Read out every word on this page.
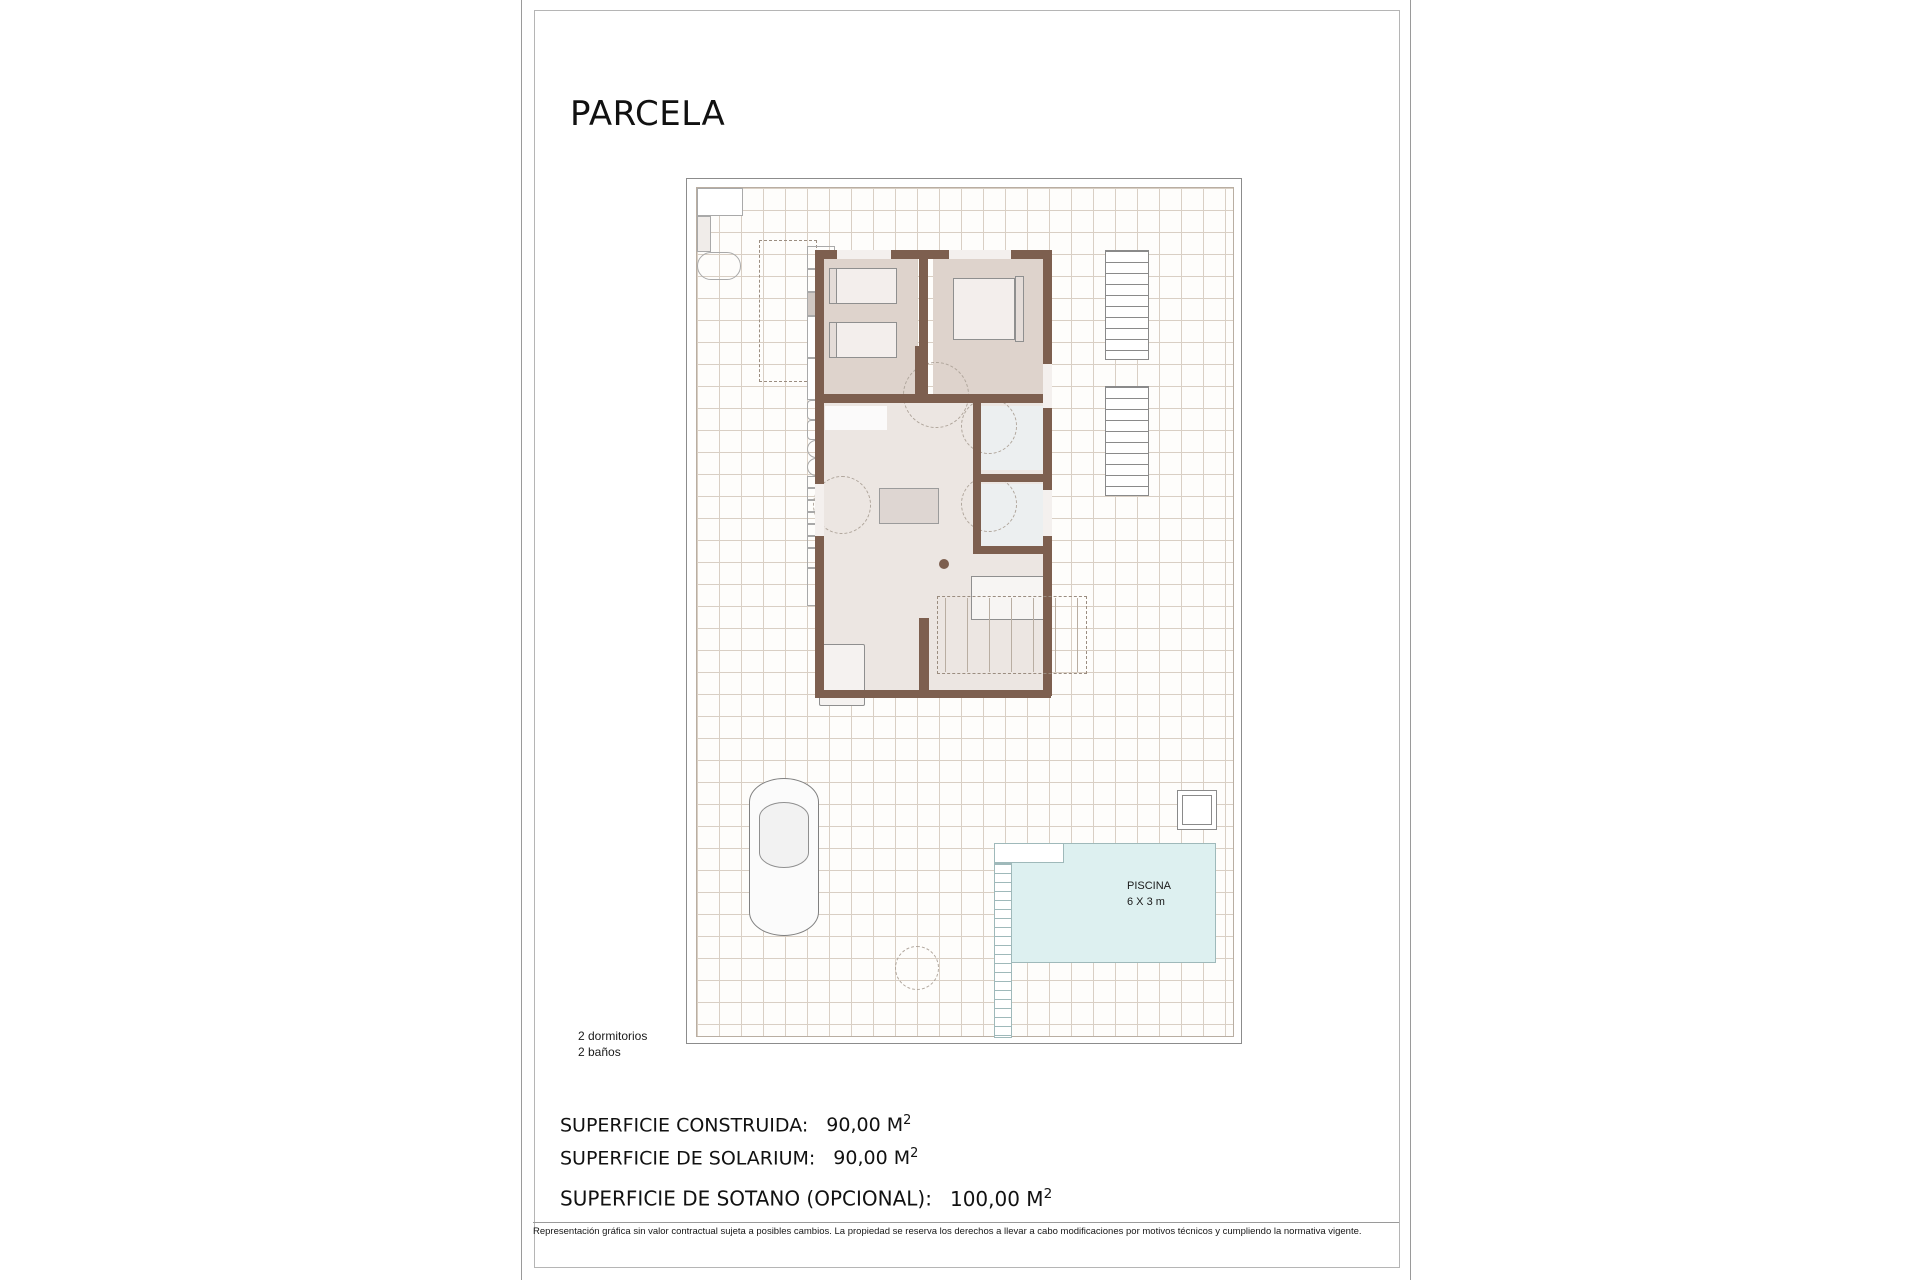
PARCELA
PISCINA
6 X 3 m
2 dormitorios
2 baños
SUPERFICIE CONSTRUIDA: 90,00 $M^2$
SUPERFICIE DE SOLARIUM: 90,00 $M^2$
SUPERFICIE DE SOTANO (OPCIONAL): 100,00 $M^2$
Representación gráfica sin valor contractual sujeta a posibles cambios. La propiedad se reserva los derechos a llevar a cabo modificaciones por motivos técnicos y cumpliendo la normativa vigente.
